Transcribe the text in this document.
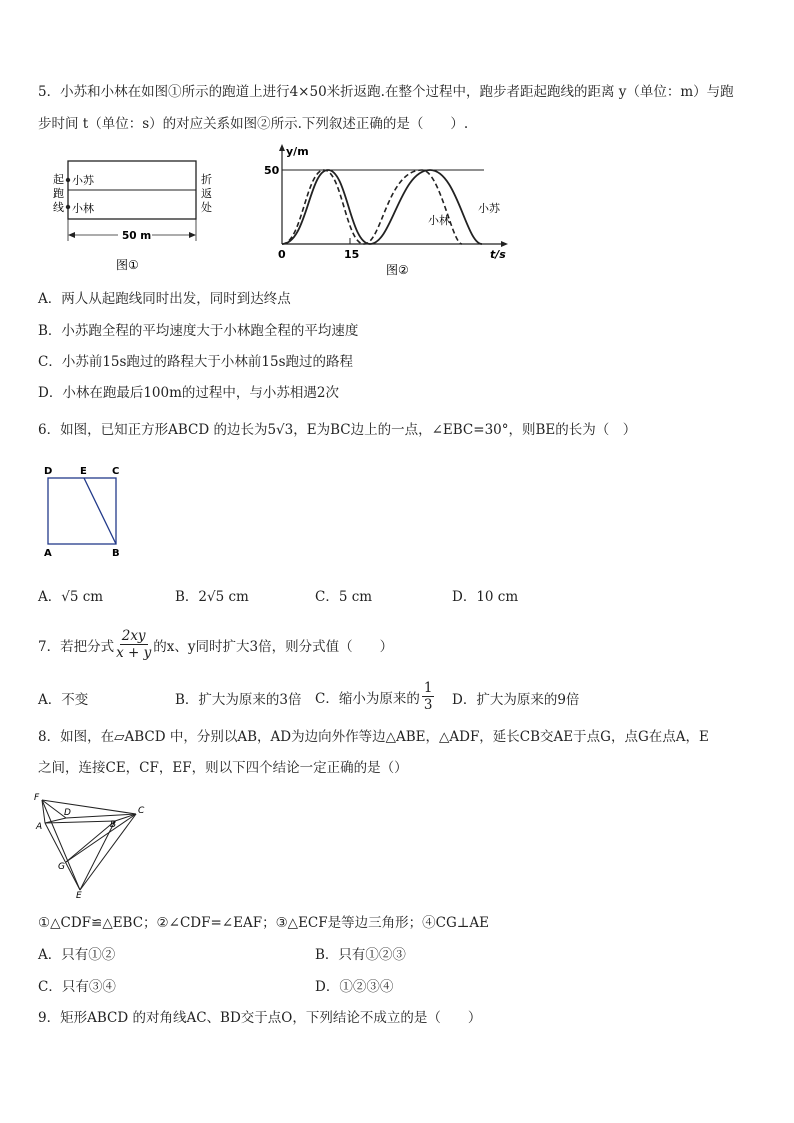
5．小苏和小林在如图①所示的跑道上进行4×50米折返跑.在整个过程中，跑步者距起跑线的距离 y（单位：m）与跑
步时间 t（单位：s）的对应关系如图②所示.下列叙述正确的是（　　）.
小苏
小林
起跑线
折返处
50 m
图①
y/m
50
0	15	t/s
小苏
小林
图②
A．两人从起跑线同时出发，同时到达终点
B．小苏跑全程的平均速度大于小林跑全程的平均速度
C．小苏前15s跑过的路程大于小林前15s跑过的路程
D．小林在跑最后100m的过程中，与小苏相遇2次
6．如图，已知正方形ABCD 的边长为5√3，E为BC边上的一点，∠EBC=30°，则BE的长为（　）
D	E	C
A	B
A．√5 cm	B．2√5 cm	C．5 cm	D．10 cm
7．若把分式 $\frac{2xy}{x + y}$ 的x、y同时扩大3倍，则分式值（　　）
A．不变	B．扩大为原来的3倍 C．缩小为原来的 $\frac{1}{3}$ D．扩大为原来的9倍
8．如图，在▱ABCD 中，分别以AB，AD为边向外作等边△ABE，△ADF，延长CB交AE于点G，点G在点A，E
之间，连接CE，CF，EF，则以下四个结论一定正确的是（）
F
D	C
A	B
G
E
①△CDF≌△EBC；②∠CDF=∠EAF；③△ECF是等边三角形；④CG⊥AE
A．只有①②	B．只有①②③
C．只有③④	D．①②③④
9．矩形ABCD 的对角线AC、BD交于点O，下列结论不成立的是（　　）
